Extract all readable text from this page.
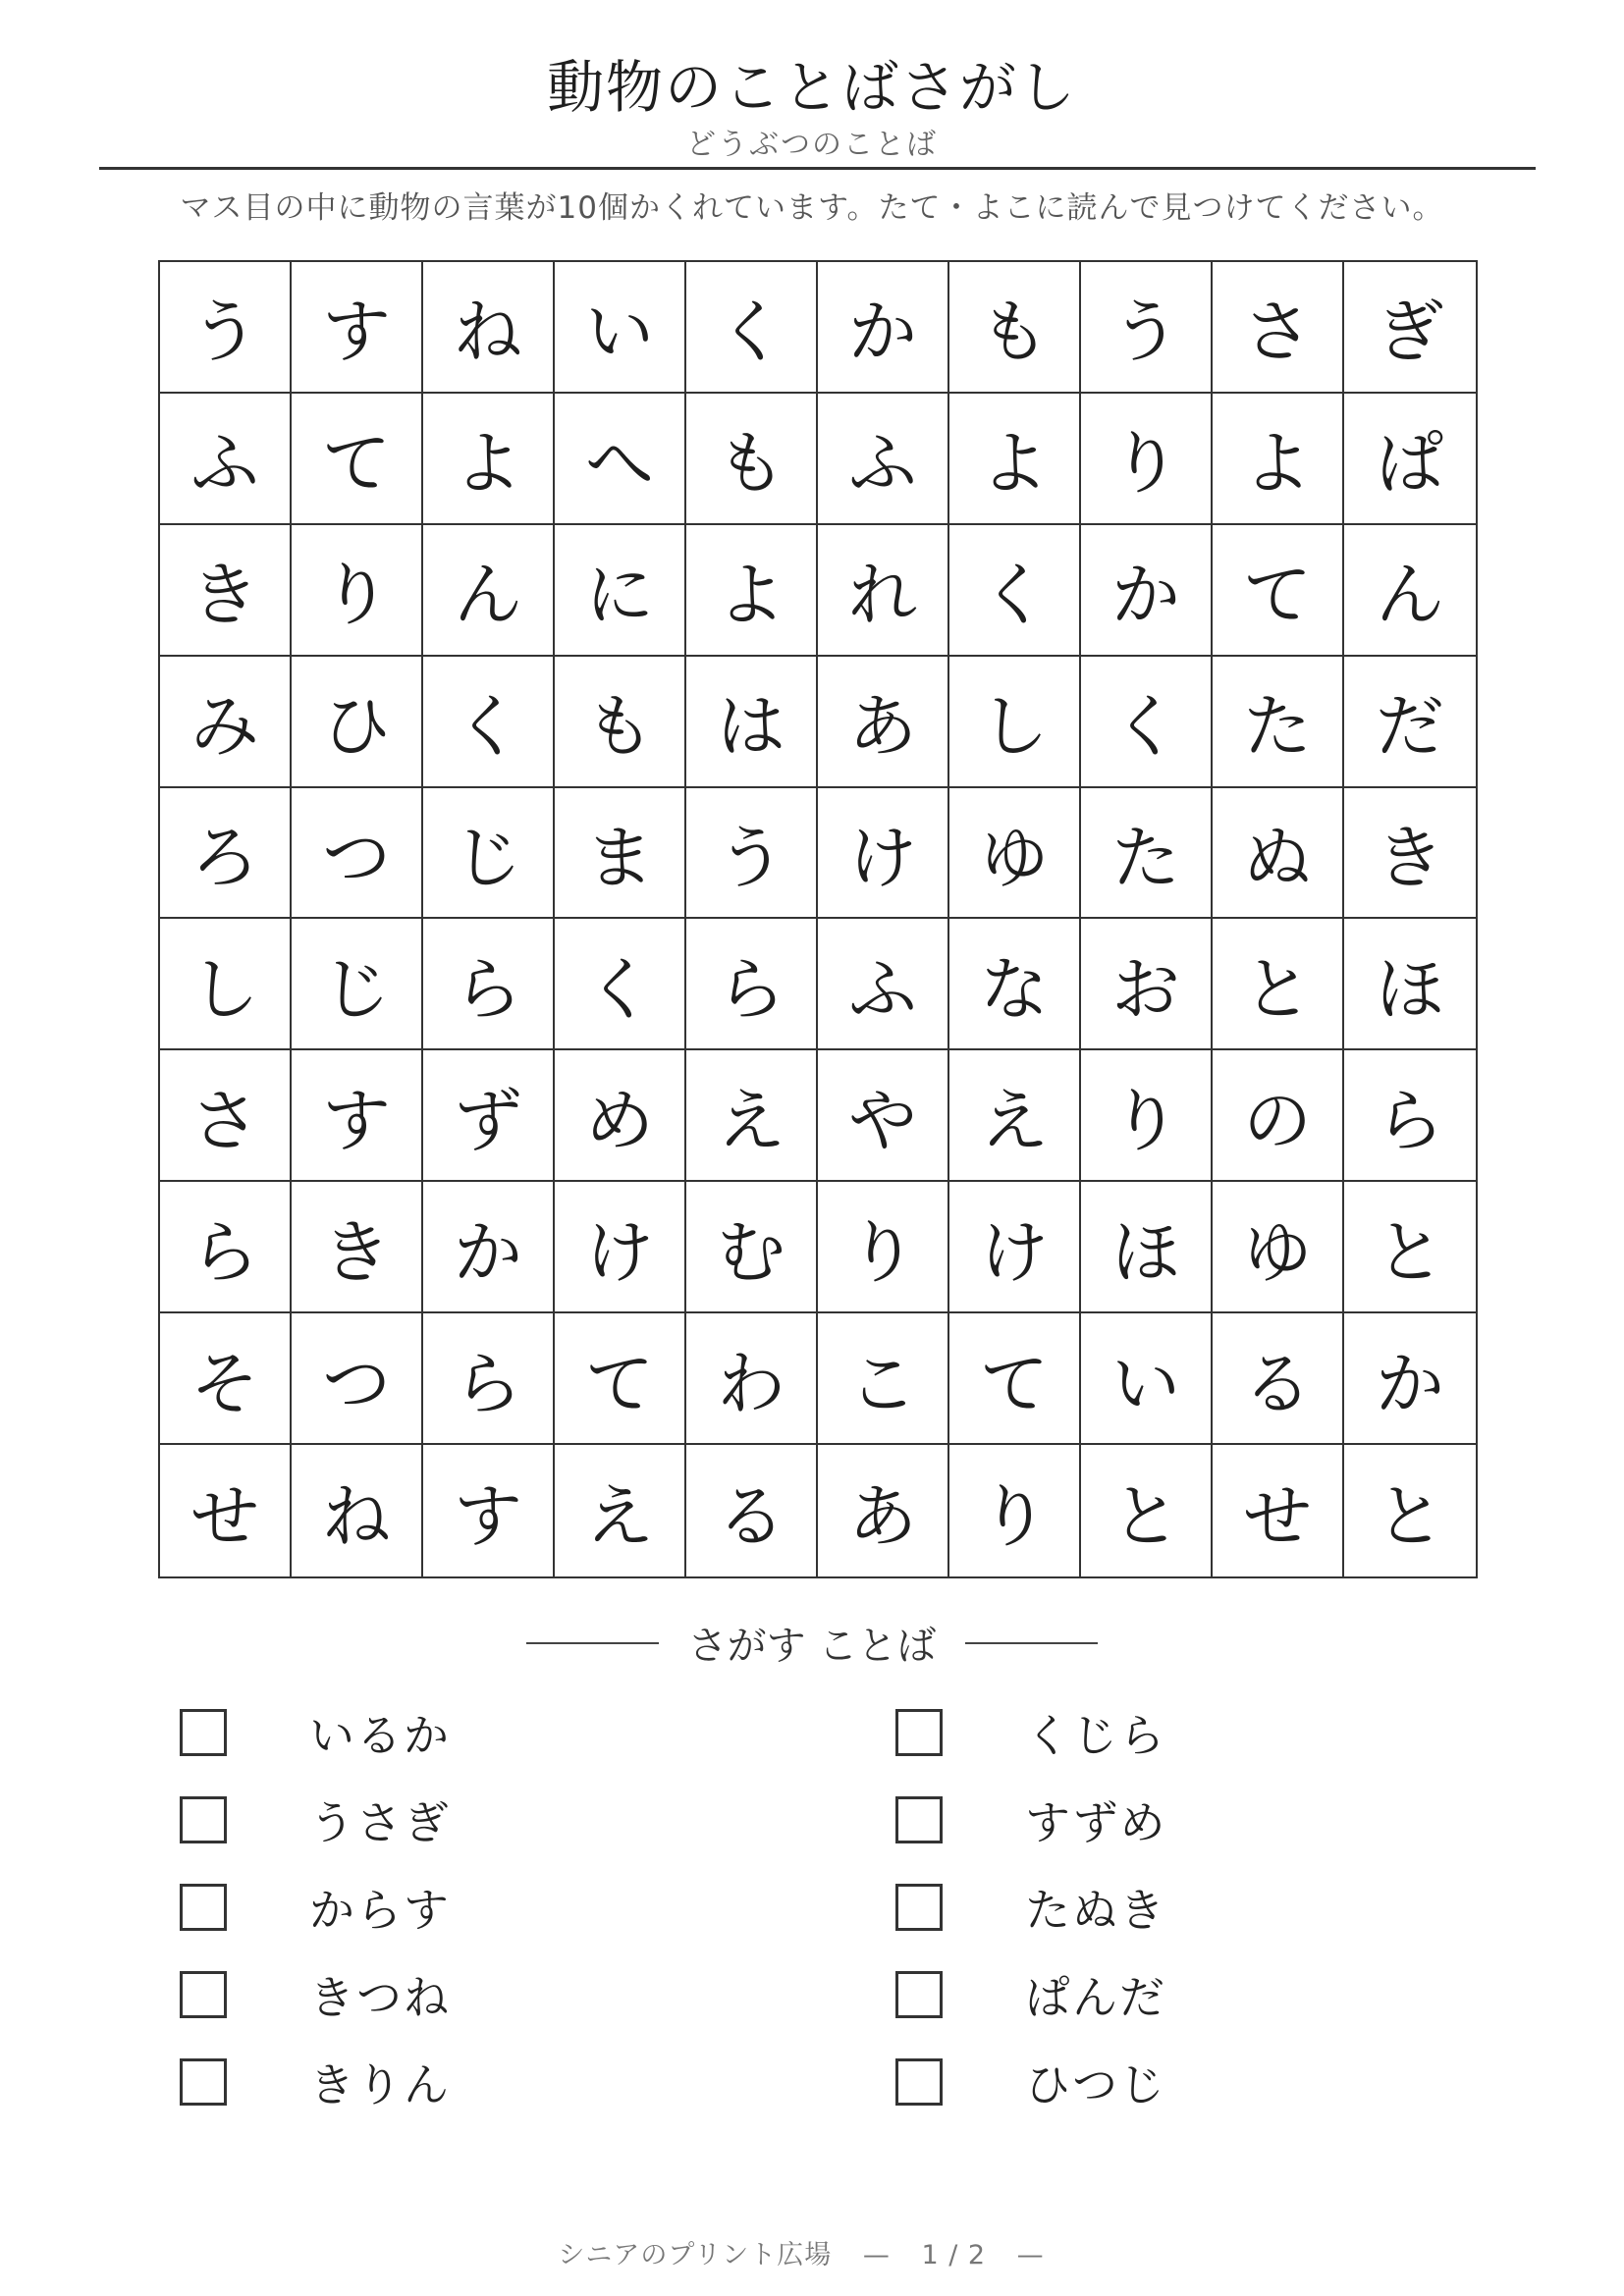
動物のことばさがし
どうぶつのことば
マス目の中に動物の言葉が10個かくれています。たて・よこに読んで見つけてください。
う す ね い く か も う さ ぎ
ふ て よ へ も ふ よ り よ ぱ
き り ん に よ れ く か て ん
み ひ く も は あ し く た だ
ろ つ じ ま う け ゆ た ぬ き
し じ ら く ら ふ な お と ほ
さ す ず め え や え り の ら
ら き か け む り け ほ ゆ と
そ つ ら て わ こ て い る か
せ ね す え る あ り と せ と
さがす ことば
いるか
うさぎ
からす
きつね
きりん
くじら
すずめ
たぬき
ぱんだ
ひつじ
シニアのプリント広場 — 1 / 2 —
